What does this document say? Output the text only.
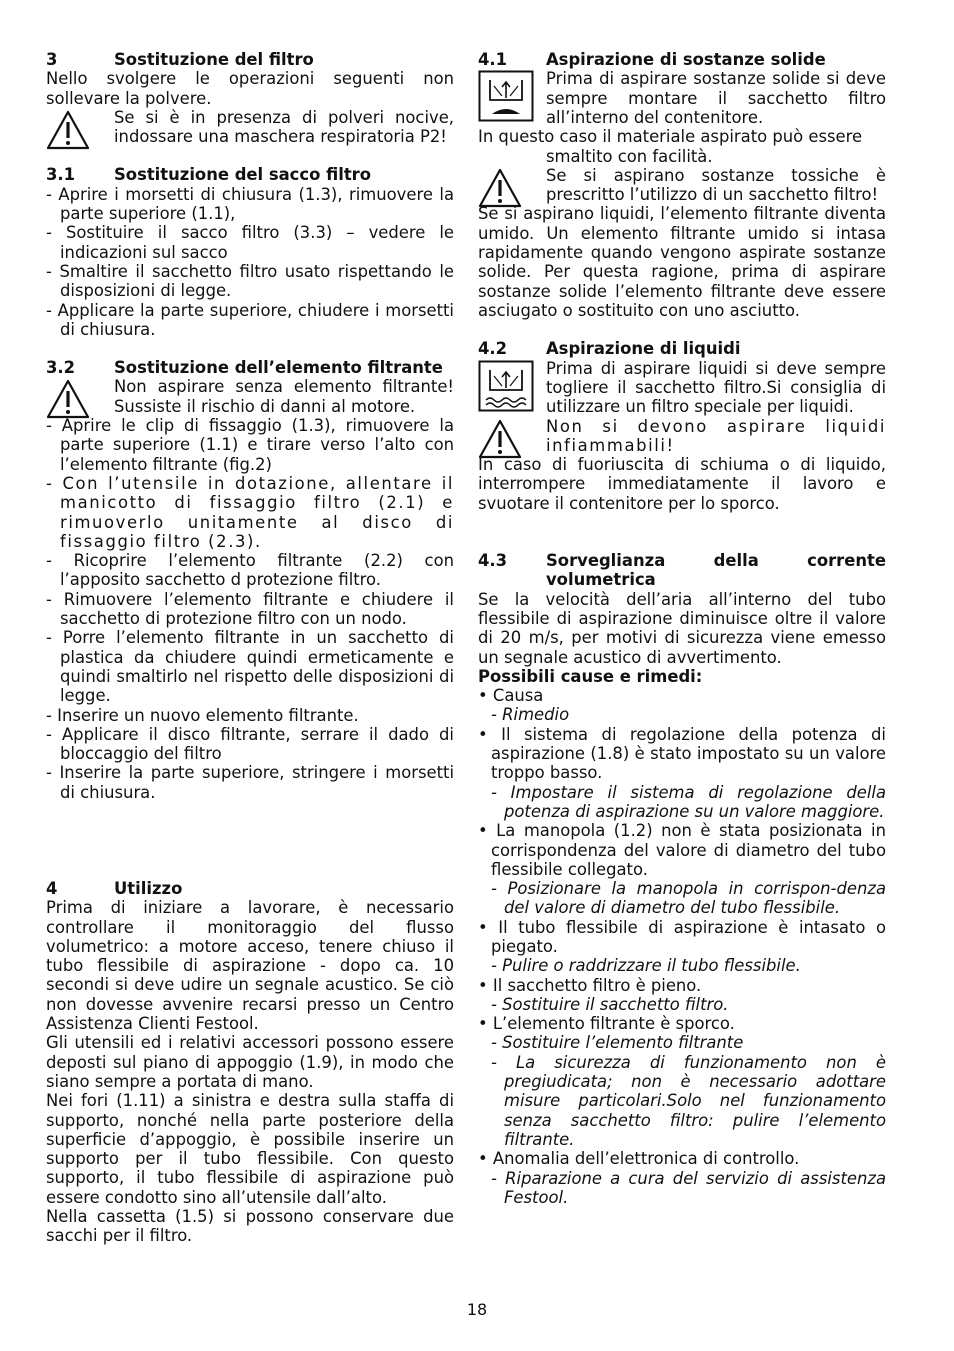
3	Sostituzione del filtro

Nello svolgere le operazioni seguenti non sollevare la polvere.

Se si è in presenza di polveri nocive, indossare una maschera respiratoria P2!

3.1	Sostituzione del sacco filtro

- Aprire i morsetti di chiusura (1.3), rimuovere la parte superiore (1.1),

- Sostituire il sacco filtro (3.3) – vedere le indicazioni sul sacco

- Smaltire il sacchetto filtro usato rispettando le disposizioni di legge.

- Applicare la parte superiore, chiudere i morsetti di chiusura.

3.2	Sostituzione dell’elemento filtrante

Non aspirare senza elemento filtrante! Sussiste il rischio di danni al motore.

- Aprire le clip di fissaggio (1.3), rimuovere la parte superiore (1.1) e tirare verso l’alto con l’elemento filtrante (fig.2)

- Con l’utensile in dotazione, allentare il manicotto di fissaggio filtro (2.1) e rimuoverlo unitamente al disco di fissaggio filtro (2.3).

- Ricoprire l’elemento filtrante (2.2) con l’apposito sacchetto d protezione filtro.

- Rimuovere l’elemento filtrante e chiudere il sacchetto di protezione filtro con un nodo.

- Porre l’elemento filtrante in un sacchetto di plastica da chiudere quindi ermeticamente e quindi smaltirlo nel rispetto delle disposizioni di legge.

- Inserire un nuovo elemento filtrante.

- Applicare il disco filtrante, serrare il dado di bloccaggio del filtro

- Inserire la parte superiore, stringere i morsetti di chiusura.

4	Utilizzo

Prima di iniziare a lavorare, è necessario controllare il monitoraggio del flusso volumetrico: a motore acceso, tenere chiuso il tubo flessibile di aspirazione - dopo ca. 10 secondi si deve udire un segnale acustico. Se ciò non dovesse avvenire recarsi presso un Centro Assistenza Clienti Festool.

Gli utensili ed i relativi accessori possono essere deposti sul piano di appoggio (1.9), in modo che siano sempre a portata di mano.

Nei fori (1.11) a sinistra e destra sulla staffa di supporto, nonché nella parte posteriore della superficie d’appoggio, è possibile inserire un supporto per il tubo flessibile. Con questo supporto, il tubo flessibile di aspirazione può essere condotto sino all’utensile dall’alto.

Nella cassetta (1.5) si possono conservare due sacchi per il filtro.

4.1	Aspirazione di sostanze solide

Prima di aspirare sostanze solide si deve sempre montare il sacchetto filtro all’interno del contenitore.

In questo caso il materiale aspirato può essere

smaltito con facilità.

Se si aspirano sostanze tossiche è prescritto l’utilizzo di un sacchetto filtro!

Se si aspirano liquidi, l’elemento filtrante diventa umido. Un elemento filtrante umido si intasa rapidamente quando vengono aspirate sostanze solide. Per questa ragione, prima di aspirare sostanze solide l’elemento filtrante deve essere asciugato o sostituito con uno asciutto.

4.2	Aspirazione di liquidi

Prima di aspirare liquidi si deve sempre togliere il sacchetto filtro.Si consiglia di utilizzare un filtro speciale per liquidi.

Non si devono aspirare liquidi infiammabili!

In caso di fuoriuscita di schiuma o di liquido, interrompere immediatamente il lavoro e svuotare il contenitore per lo sporco.

4.3	Sorveglianza della corrente volumetrica

Se la velocità dell’aria all’interno del tubo flessibile di aspirazione diminuisce oltre il valore di 20 m/s, per motivi di sicurezza viene emesso un segnale acustico di avvertimento.

Possibili cause e rimedi:

• Causa

- Rimedio

• Il sistema di regolazione della potenza di aspirazione (1.8) è stato impostato su un valore troppo basso.

- Impostare il sistema di regolazione della potenza di aspirazione su un valore maggiore.

• La manopola (1.2) non è stata posizionata in corrispondenza del valore di diametro del tubo flessibile collegato.

- Posizionare la manopola in corrispon-denza del valore di diametro del tubo flessibile.

• Il tubo flessibile di aspirazione è intasato o piegato.

- Pulire o raddrizzare il tubo flessibile.

• Il sacchetto filtro è pieno.

- Sostituire il sacchetto filtro.

• L’elemento filtrante è sporco.

- Sostituire l’elemento filtrante

- La sicurezza di funzionamento non è pregiudicata; non è necessario adottare misure particolari.Solo nel funzionamento senza sacchetto filtro: pulire l’elemento filtrante.

• Anomalia dell’elettronica di controllo.

- Riparazione a cura del servizio di assistenza Festool.

18
